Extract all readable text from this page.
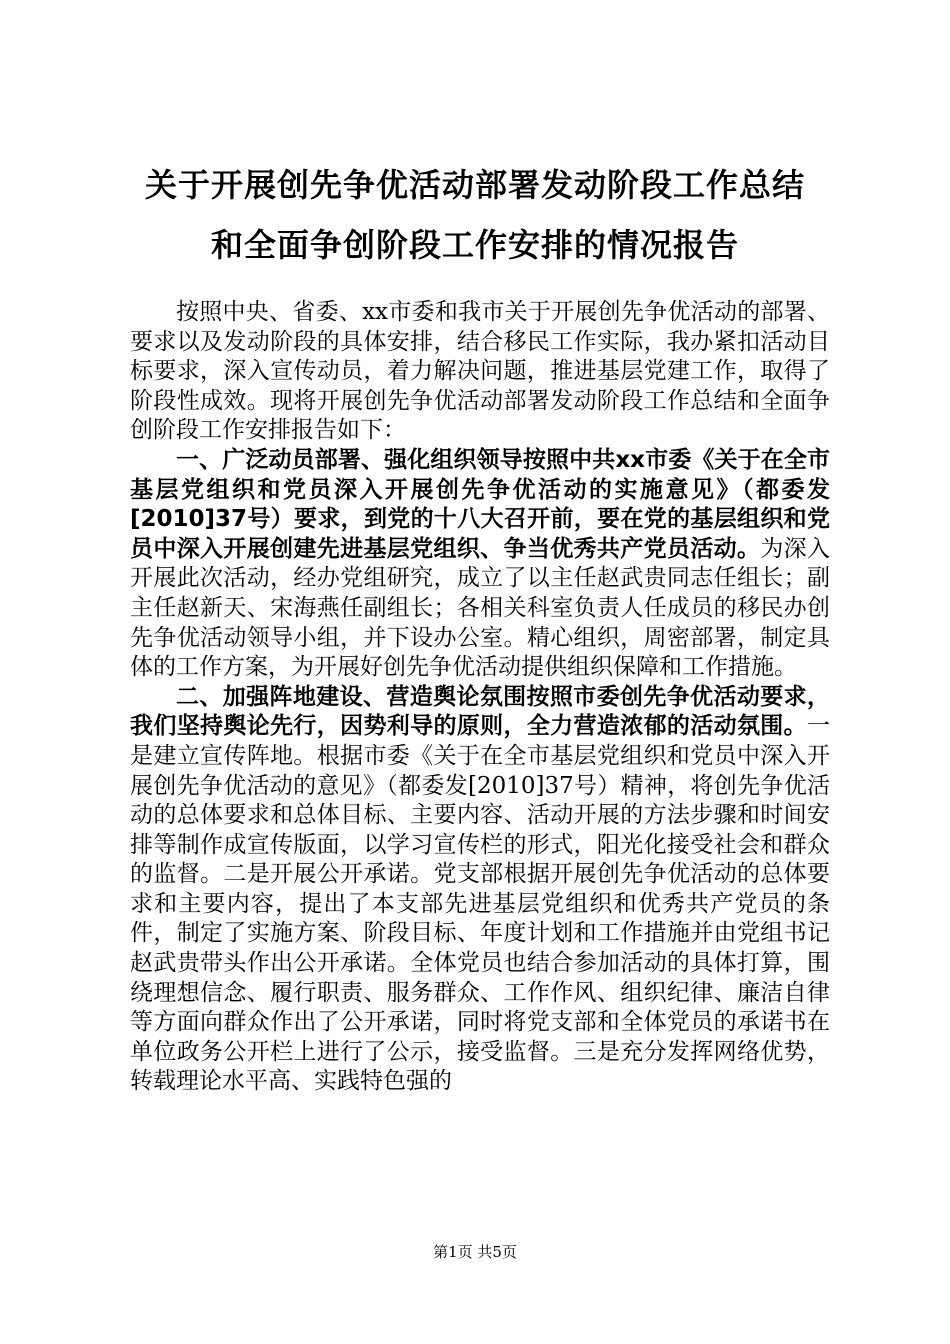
关于开展创先争优活动部署发动阶段工作总结
和全面争创阶段工作安排的情况报告

按照中央、省委、xx市委和我市关于开展创先争优活动的部署、要求以及发动阶段的具体安排，结合移民工作实际，我办紧扣活动目标要求，深入宣传动员，着力解决问题，推进基层党建工作，取得了阶段性成效。现将开展创先争优活动部署发动阶段工作总结和全面争创阶段工作安排报告如下：

一、广泛动员部署、强化组织领导按照中共xx市委《关于在全市基层党组织和党员深入开展创先争优活动的实施意见》（都委发[2010]37号）要求，到党的十八大召开前，要在党的基层组织和党员中深入开展创建先进基层党组织、争当优秀共产党员活动。为深入开展此次活动，经办党组研究，成立了以主任赵武贵同志任组长；副主任赵新天、宋海燕任副组长；各相关科室负责人任成员的移民办创先争优活动领导小组，并下设办公室。精心组织，周密部署，制定具体的工作方案，为开展好创先争优活动提供组织保障和工作措施。

二、加强阵地建设、营造舆论氛围按照市委创先争优活动要求，我们坚持舆论先行，因势利导的原则，全力营造浓郁的活动氛围。一是建立宣传阵地。根据市委《关于在全市基层党组织和党员中深入开展创先争优活动的意见》（都委发[2010]37号）精神，将创先争优活动的总体要求和总体目标、主要内容、活动开展的方法步骤和时间安排等制作成宣传版面，以学习宣传栏的形式，阳光化接受社会和群众的监督。二是开展公开承诺。党支部根据开展创先争优活动的总体要求和主要内容，提出了本支部先进基层党组织和优秀共产党员的条件，制定了实施方案、阶段目标、年度计划和工作措施并由党组书记赵武贵带头作出公开承诺。全体党员也结合参加活动的具体打算，围绕理想信念、履行职责、服务群众、工作作风、组织纪律、廉洁自律等方面向群众作出了公开承诺，同时将党支部和全体党员的承诺书在单位政务公开栏上进行了公示，接受监督。三是充分发挥网络优势，转载理论水平高、实践特色强的

第1页 共5页
